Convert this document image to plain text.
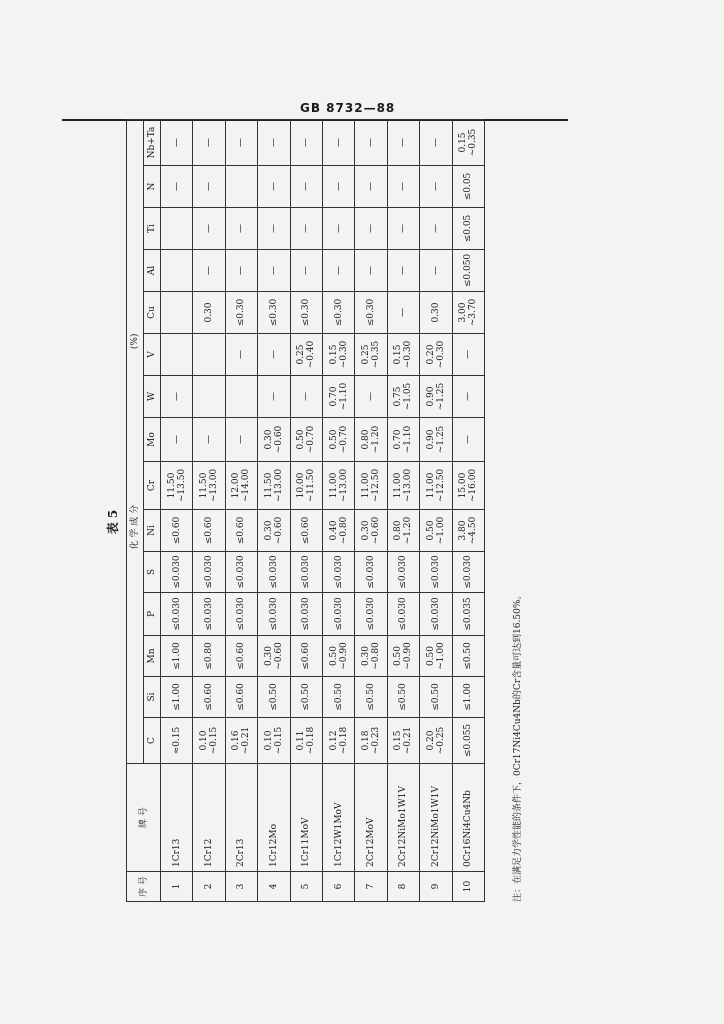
GB 8732—88
表 5
序 号	牌 号	化 学 成 分  (%)														
		C	Si	Mn	P	S	Ni	Cr	Mo	W	V	Cu	Al	Ti	N	Nb+Ta
1	1Cr13	≈0.15	≤1.00	≤1.00	≤0.030	≤0.030	≤0.60	11.50 ~13.50	—	—					—	—
2	1Cr12	0.10 ~0.15	≤0.60	≤0.80	≤0.030	≤0.030	≤0.60	11.50 ~13.00	—			0.30	—	—	—	—
3	2Cr13	0.16 ~0.21	≤0.60	≤0.60	≤0.030	≤0.030	≤0.60	12.00 ~14.00	—		—	≤0.30	—	—		—
4	1Cr12Mo	0.10 ~0.15	≤0.50	0.30 ~0.60	≤0.030	≤0.030	0.30 ~0.60	11.50 ~13.00	0.30 ~0.60	—	—	≤0.30	—	—	—	—
5	1Cr11MoV	0.11 ~0.18	≤0.50	≤0.60	≤0.030	≤0.030	≤0.60	10.00 ~11.50	0.50 ~0.70	—	0.25 ~0.40	≤0.30	—	—	—	—
6	1Cr12W1MoV	0.12 ~0.18	≤0.50	0.50 ~0.90	≤0.030	≤0.030	0.40 ~0.80	11.00 ~13.00	0.50 ~0.70	0.70 ~1.10	0.15 ~0.30	≤0.30	—	—	—	—
7	2Cr12MoV	0.18 ~0.23	≤0.50	0.30 ~0.80	≤0.030	≤0.030	0.30 ~0.60	11.00 ~12.50	0.80 ~1.20	—	0.25 ~0.35	≤0.30	—	—	—	—
8	2Cr12NiMo1W1V	0.15 ~0.21	≤0.50	0.50 ~0.90	≤0.030	≤0.030	0.80 ~1.20	11.00 ~13.00	0.70 ~1.10	0.75 ~1.05	0.15 ~0.30	—	—	—	—	—
9	2Cr12NiMo1W1V	0.20 ~0.25	≤0.50	0.50 ~1.00	≤0.030	≤0.030	0.50 ~1.00	11.00 ~12.50	0.90 ~1.25	0.90 ~1.25	0.20 ~0.30	0.30	—	—	—	—
10	0Cr16Ni4Cu4Nb	≤0.055	≤1.00	≤0.50	≤0.035	≤0.030	3.80 ~4.50	15.00 ~16.00	—	—	—	3.00 ~3.70	≤0.050	≤0.05	≤0.05	0.15 ~0.35
注：在满足力学性能的条件下，0Cr17Ni4Cu4Nb的Cr含量可达到16.50%。
